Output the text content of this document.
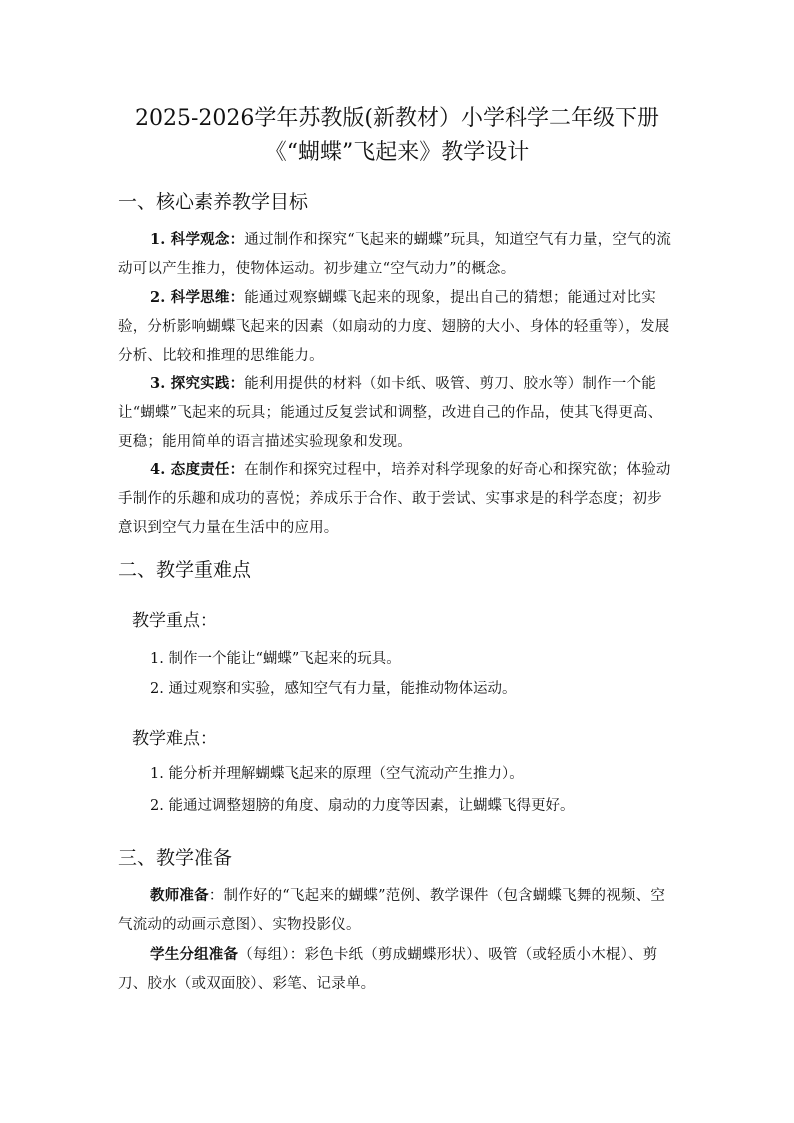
2025-2026学年苏教版(新教材）小学科学二年级下册
《“蝴蝶”飞起来》教学设计
一、核心素养教学目标
1. 科学观念：通过制作和探究“飞起来的蝴蝶”玩具，知道空气有力量，空气的流动可以产生推力，使物体运动。初步建立“空气动力”的概念。
2. 科学思维：能通过观察蝴蝶飞起来的现象，提出自己的猜想；能通过对比实验，分析影响蝴蝶飞起来的因素（如扇动的力度、翅膀的大小、身体的轻重等），发展分析、比较和推理的思维能力。
3. 探究实践：能利用提供的材料（如卡纸、吸管、剪刀、胶水等）制作一个能让“蝴蝶”飞起来的玩具；能通过反复尝试和调整，改进自己的作品，使其飞得更高、更稳；能用简单的语言描述实验现象和发现。
4. 态度责任：在制作和探究过程中，培养对科学现象的好奇心和探究欲；体验动手制作的乐趣和成功的喜悦；养成乐于合作、敢于尝试、实事求是的科学态度；初步意识到空气力量在生活中的应用。
二、教学重难点
教学重点：
1. 制作一个能让“蝴蝶”飞起来的玩具。
2. 通过观察和实验，感知空气有力量，能推动物体运动。
教学难点：
1. 能分析并理解蝴蝶飞起来的原理（空气流动产生推力）。
2. 能通过调整翅膀的角度、扇动的力度等因素，让蝴蝶飞得更好。
三、教学准备
教师准备：制作好的“飞起来的蝴蝶”范例、教学课件（包含蝴蝶飞舞的视频、空气流动的动画示意图）、实物投影仪。
学生分组准备（每组）：彩色卡纸（剪成蝴蝶形状）、吸管（或轻质小木棍）、剪刀、胶水（或双面胶）、彩笔、记录单。
